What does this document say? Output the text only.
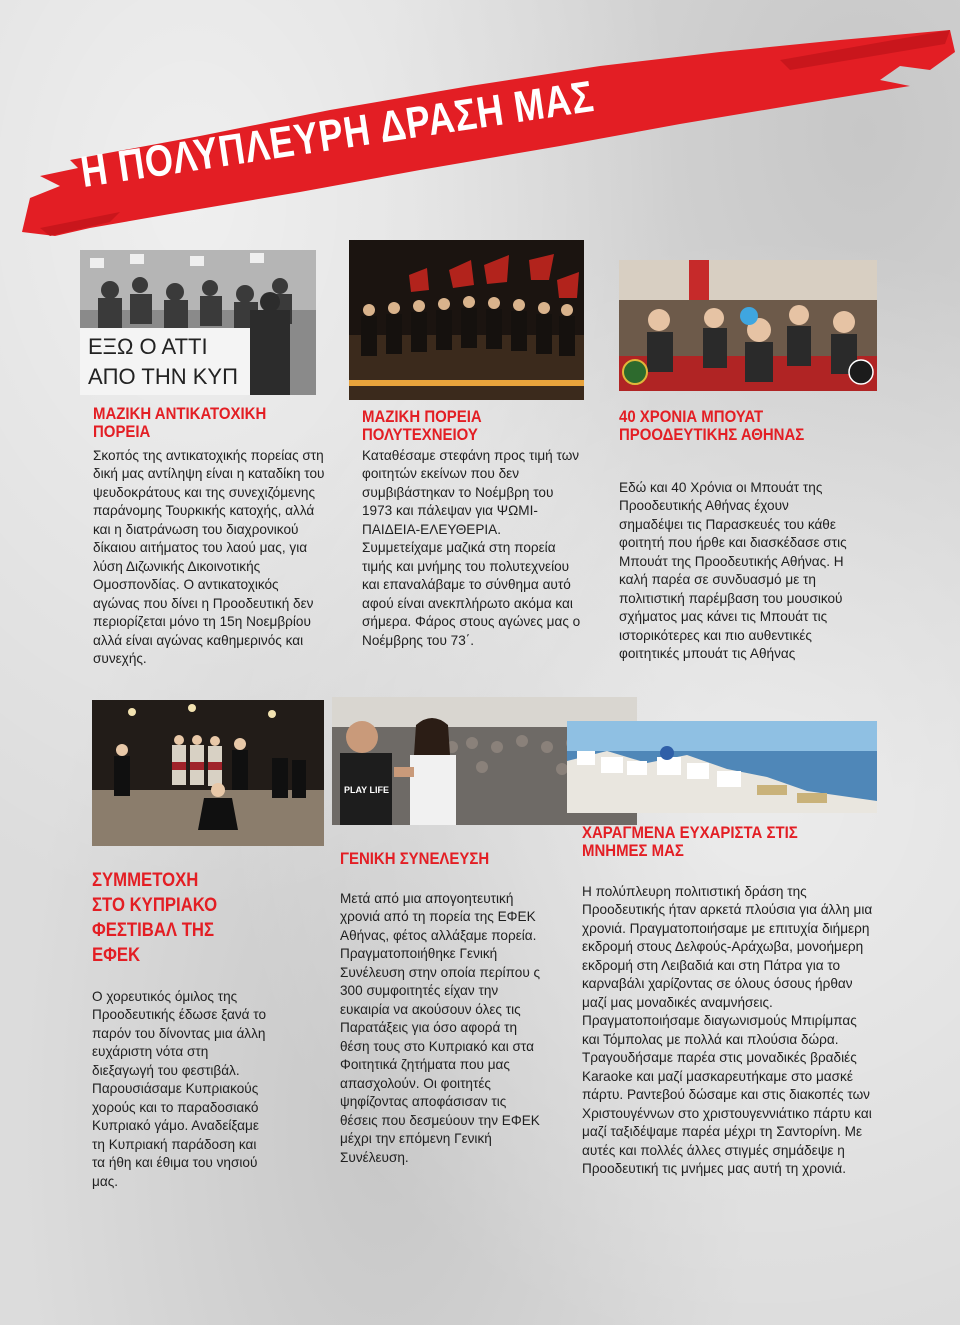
Η ΠΟΛΥΠΛΕΥΡΗ ΔΡΑΣΗ ΜΑΣ
ΕΞΩ Ο ΑΤΤΙ
ΑΠΟ ΤΗΝ ΚΥΠ
ΜΑΖΙΚΗ ΑΝΤΙΚΑΤΟΧΙΚΗ
ΠΟΡΕΙΑ

Σκοπός της αντικατοχικής πορείας στη δική μας αντίληψη είναι η καταδίκη του ψευδοκράτους και της συνεχιζόμενης παράνομης Τουρκικής κατοχής, αλλά και η διατράνωση του διαχρονικού δίκαιου αιτήματος του λαού μας, για λύση Διζωνικής Δικοινοτικής Ομοσπονδίας. Ο αντικατοχικός αγώνας που δίνει η Προοδευτική δεν περιορίζεται μόνο τη 15η Νοεμβρίου αλλά είναι αγώνας καθημερινός και συνεχής.

ΜΑΖΙΚΗ ΠΟΡΕΙΑ
ΠΟΛΥΤΕΧΝΕΙΟΥ

Καταθέσαμε στεφάνη προς τιμή των φοιτητών εκείνων που δεν συμβιβάστηκαν το Νοέμβρη του 1973 και πάλεψαν για ΨΩΜΙ-ΠΑΙΔΕΙΑ-ΕΛΕΥΘΕΡΙΑ. Συμμετείχαμε μαζικά στη πορεία τιμής και μνήμης του πολυτεχνείου και επαναλάβαμε το σύνθημα αυτό αφού είναι ανεκπλήρωτο ακόμα και σήμερα. Φάρος στους αγώνες μας ο Νοέμβρης του 73΄.

40 ΧΡΟΝΙΑ ΜΠΟΥΑΤ
ΠΡΟΟΔΕΥΤΙΚΗΣ ΑΘΗΝΑΣ

Εδώ και 40 Χρόνια οι Μπουάτ της Προοδευτικής Αθήνας έχουν σημαδέψει τις Παρασκευές του κάθε φοιτητή που ήρθε και διασκέδασε στις Μπουάτ της Προοδευτικής Αθήνας. Η καλή παρέα σε συνδυασμό με τη πολιτιστική παρέμβαση του μουσικού σχήματος μας κάνει τις Μπουάτ τις ιστορικότερες και πιο αυθεντικές φοιτητικές μπουάτ τις Αθήνας

PLAY LIFE
ΣΥΜΜΕΤΟΧΗ
ΣΤΟ ΚΥΠΡΙΑΚΟ
ΦΕΣΤΙΒΑΛ ΤΗΣ
ΕΦΕΚ

Ο χορευτικός όμιλος της Προοδευτικής έδωσε ξανά το παρόν του δίνοντας μια άλλη ευχάριστη νότα στη διεξαγωγή του φεστιβάλ. Παρουσιάσαμε Κυπριακούς χορούς και το παραδοσιακό Κυπριακό γάμο. Αναδείξαμε τη Κυπριακή παράδοση και τα ήθη και έθιμα του νησιού μας.

ΓΕΝΙΚΗ ΣΥΝΕΛΕΥΣΗ

Μετά από μια απογοητευτική χρονιά από τη πορεία της ΕΦΕΚ Αθήνας, φέτος αλλάξαμε πορεία. Πραγματοποιήθηκε Γενική Συνέλευση στην οποία περίπου ς 300 συμφοιτητές είχαν την ευκαιρία να ακούσουν όλες τις Παρατάξεις για όσο αφορά τη θέση τους στο Κυπριακό και στα Φοιτητικά ζητήματα που μας απασχολούν. Οι φοιτητές ψηφίζοντας αποφάσισαν τις θέσεις που δεσμεύουν την ΕΦΕΚ μέχρι την επόμενη Γενική Συνέλευση.

ΧΑΡΑΓΜΕΝΑ ΕΥΧΑΡΙΣΤΑ ΣΤΙΣ
ΜΝΗΜΕΣ ΜΑΣ

Η πολύπλευρη πολιτιστική δράση της Προοδευτικής ήταν αρκετά πλούσια για άλλη μια χρονιά. Πραγματοποιήσαμε με επιτυχία διήμερη εκδρομή στους Δελφούς-Αράχωβα, μονοήμερη εκδρομή στη Λειβαδιά και στη Πάτρα για το καρναβάλι χαρίζοντας σε όλους όσους ήρθαν μαζί μας μοναδικές αναμνήσεις. Πραγματοποιήσαμε διαγωνισμούς Μπιρίμπας και Τόμπολας με πολλά και πλούσια δώρα. Τραγουδήσαμε παρέα στις μοναδικές βραδιές Karaoke και μαζί μασκαρευτήκαμε στο μασκέ πάρτυ. Ραντεβού δώσαμε και στις διακοπές των Χριστουγέννων στο χριστουγεννιάτικο πάρτυ και μαζί ταξιδέψαμε παρέα μέχρι τη Σαντορίνη. Με αυτές και πολλές άλλες στιγμές σημάδεψε η Προοδευτική τις μνήμες μας αυτή τη χρονιά.
